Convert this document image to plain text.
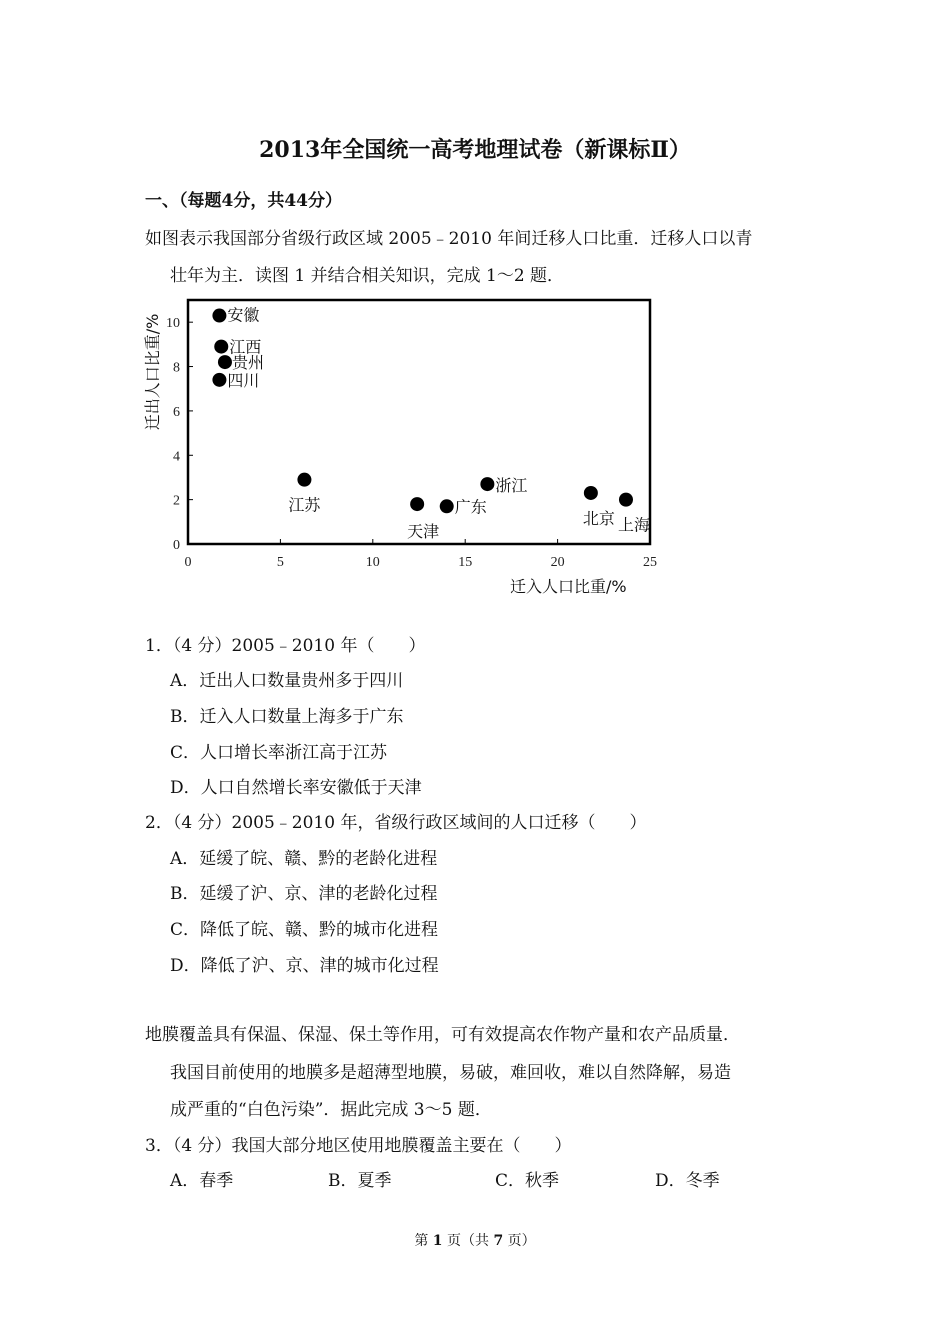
2013年全国统一高考地理试卷（新课标Ⅱ）
一、（每题4分，共44分）
如图表示我国部分省级行政区域 2005﹣2010 年间迁移人口比重．迁移人口以青
壮年为主．读图 1 并结合相关知识，完成 1～2 题．
0	5	10	15	20	25
0
2
4
6
8
10
迁入人口比重/%
迁出人口比重/%	安徽
江西
贵州
四川
江苏
天津
广东
浙江
北京 上海
1．（4 分）2005﹣2010 年（　　）
A．迁出人口数量贵州多于四川
B．迁入人口数量上海多于广东
C．人口增长率浙江高于江苏
D．人口自然增长率安徽低于天津
2．（4 分）2005﹣2010 年，省级行政区域间的人口迁移（　　）
A．延缓了皖、赣、黔的老龄化进程
B．延缓了沪、京、津的老龄化过程
C．降低了皖、赣、黔的城市化进程
D．降低了沪、京、津的城市化过程
地膜覆盖具有保温、保湿、保土等作用，可有效提高农作物产量和农产品质量．
我国目前使用的地膜多是超薄型地膜，易破，难回收，难以自然降解，易造
成严重的“白色污染”．据此完成 3～5 题．
3．（4 分）我国大部分地区使用地膜覆盖主要在（　　）
A．春季	B．夏季	C．秋季	D．冬季
第 1 页（共 7 页）
